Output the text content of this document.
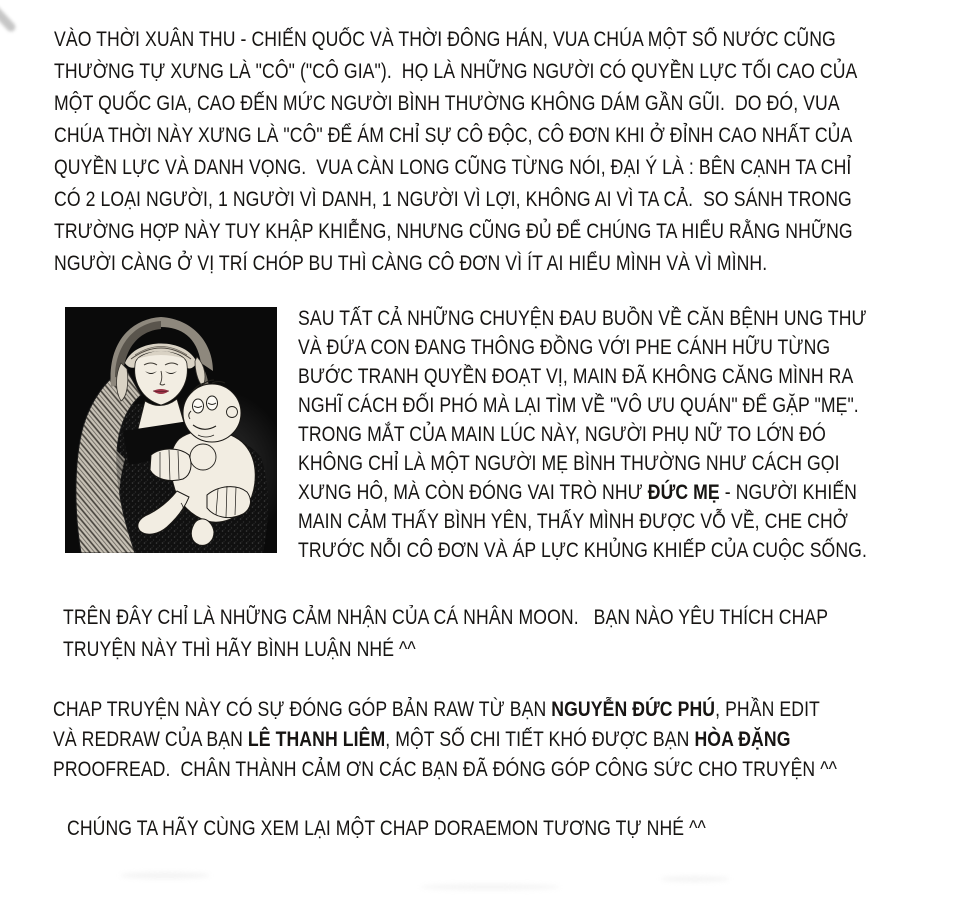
VÀO THỜI XUÂN THU - CHIẾN QUỐC VÀ THỜI ĐÔNG HÁN, VUA CHÚA MỘT SỐ NƯỚC CŨNG
THƯỜNG TỰ XƯNG LÀ "CÔ" ("CÔ GIA").  HỌ LÀ NHỮNG NGƯỜI CÓ QUYỀN LỰC TỐI CAO CỦA
MỘT QUỐC GIA, CAO ĐẾN MỨC NGƯỜI BÌNH THƯỜNG KHÔNG DÁM GẦN GŨI.  DO ĐÓ, VUA
CHÚA THỜI NÀY XƯNG LÀ "CÔ" ĐỂ ÁM CHỈ SỰ CÔ ĐỘC, CÔ ĐƠN KHI Ở ĐỈNH CAO NHẤT CỦA
QUYỀN LỰC VÀ DANH VỌNG.  VUA CÀN LONG CŨNG TỪNG NÓI, ĐẠI Ý LÀ : BÊN CẠNH TA CHỈ
CÓ 2 LOẠI NGƯỜI, 1 NGƯỜI VÌ DANH, 1 NGƯỜI VÌ LỢI, KHÔNG AI VÌ TA CẢ.  SO SÁNH TRONG
TRƯỜNG HỢP NÀY TUY KHẬP KHIỄNG, NHƯNG CŨNG ĐỦ ĐỂ CHÚNG TA HIỂU RẰNG NHỮNG
NGƯỜI CÀNG Ở VỊ TRÍ CHÓP BU THÌ CÀNG CÔ ĐƠN VÌ ÍT AI HIỂU MÌNH VÀ VÌ MÌNH.
SAU TẤT CẢ NHỮNG CHUYỆN ĐAU BUỒN VỀ CĂN BỆNH UNG THƯ
VÀ ĐỨA CON ĐANG THÔNG ĐỒNG VỚI PHE CÁNH HỮU TỪNG
BƯỚC TRANH QUYỀN ĐOẠT VỊ, MAIN ĐÃ KHÔNG CĂNG MÌNH RA
NGHĨ CÁCH ĐỐI PHÓ MÀ LẠI TÌM VỀ "VÔ ƯU QUÁN" ĐỂ GẶP "MẸ".
TRONG MẮT CỦA MAIN LÚC NÀY, NGƯỜI PHỤ NỮ TO LỚN ĐÓ
KHÔNG CHỈ LÀ MỘT NGƯỜI MẸ BÌNH THƯỜNG NHƯ CÁCH GỌI
XƯNG HÔ, MÀ CÒN ĐÓNG VAI TRÒ NHƯ ĐỨC MẸ - NGƯỜI KHIẾN
MAIN CẢM THẤY BÌNH YÊN, THẤY MÌNH ĐƯỢC VỖ VỀ, CHE CHỞ
TRƯỚC NỖI CÔ ĐƠN VÀ ÁP LỰC KHỦNG KHIẾP CỦA CUỘC SỐNG.
TRÊN ĐÂY CHỈ LÀ NHỮNG CẢM NHẬN CỦA CÁ NHÂN MOON.   BẠN NÀO YÊU THÍCH CHAP
TRUYỆN NÀY THÌ HÃY BÌNH LUẬN NHÉ ^^
CHAP TRUYỆN NÀY CÓ SỰ ĐÓNG GÓP BẢN RAW TỪ BẠN NGUYỄN ĐỨC PHÚ, PHẦN EDIT
VÀ REDRAW CỦA BẠN LÊ THANH LIÊM, MỘT SỐ CHI TIẾT KHÓ ĐƯỢC BẠN HÒA ĐẶNG
PROOFREAD.  CHÂN THÀNH CẢM ƠN CÁC BẠN ĐÃ ĐÓNG GÓP CÔNG SỨC CHO TRUYỆN ^^
CHÚNG TA HÃY CÙNG XEM LẠI MỘT CHAP DORAEMON TƯƠNG TỰ NHÉ ^^
